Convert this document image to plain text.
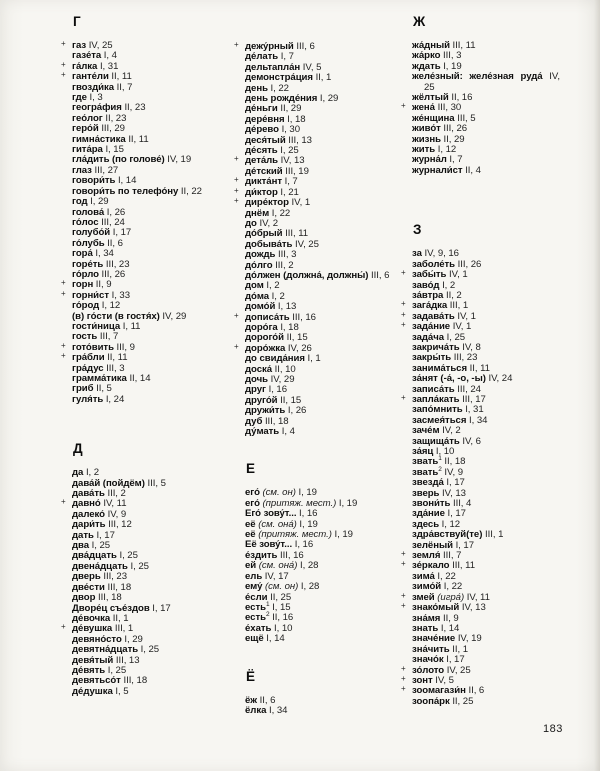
Г
+ газ IV, 25
газе́та I, 4
+ га́лка I, 31
+ ганте́ли II, 11
гвозди́ка II, 7
где I, 3
геогра́фия II, 23
гео́лог II, 23
геро́й III, 29
гимна́стика II, 11
гита́ра I, 15
гла́дить (по голове́) IV, 19
глаз III, 27
говори́ть I, 14
говори́ть по телефо́ну II, 22
год I, 29
голова́ I, 26
го́лос III, 24
голубо́й I, 17
го́лубь II, 6
гора́ I, 34
горе́ть III, 23
го́рло III, 26
+ горн II, 9
+ горни́ст I, 33
го́род I, 12
(в) го́сти (в гостя́х) IV, 29
гости́ница I, 11
гость III, 7
+ гото́вить III, 9
+ гра́бли II, 11
гра́дус III, 3
грамма́тика II, 14
гриб II, 5
гуля́ть I, 24
Д
да I, 2
дава́й (пойдём) III, 5
дава́ть III, 2
+ давно́ IV, 11
далеко́ IV, 9
дари́ть III, 12
дать I, 17
два I, 25
два́дцать I, 25
двена́дцать I, 25
дверь III, 23
две́сти III, 18
двор III, 18
Дворе́ц съе́здов I, 17
де́вочка II, 1
+ де́вушка III, 1
девяно́сто I, 29
девятна́дцать I, 25
девя́тый III, 13
де́вять I, 25
девятьсо́т III, 18
де́душка I, 5
+ дежу́рный III, 6
де́лать I, 7
дельтапла́н IV, 5
демонстра́ция II, 1
день I, 22
день рожде́ния I, 29
де́ньги II, 29
дере́вня I, 18
де́рево I, 30
деся́тый III, 13
де́сять I, 25
+ дета́ль IV, 13
де́тский III, 19
+ дикта́нт I, 7
+ ди́ктор I, 21
+ дире́ктор IV, 1
днём I, 22
до IV, 2
до́брый III, 11
добыва́ть IV, 25
дождь III, 3
до́лго III, 2
до́лжен (должна́, должны́) III, 6
дом I, 2
до́ма I, 2
домо́й I, 13
+ дописа́ть III, 16
доро́га I, 18
дорого́й II, 15
+ доро́жка IV, 26
до свида́ния I, 1
доска́ II, 10
дочь IV, 29
друг I, 16
друго́й II, 15
дружи́ть I, 26
дуб III, 18
ду́мать I, 4
Е
его́ (см. он) I, 19
его́ (притяж. мест.) I, 19
Его́ зову́т... I, 16
её (см. она́) I, 19
её (притяж. мест.) I, 19
Её зову́т... I, 16
е́здить III, 16
ей (см. она́) I, 28
ель IV, 17
ему́ (см. он) I, 28
е́сли II, 25
есть$^1$ I, 15
есть$^2$ II, 16
е́хать I, 10
ещё I, 14
Ё
ёж II, 6
ёлка I, 34
Ж
жа́дный III, 11
жа́рко III, 3
ждать I, 19
желе́зный: желе́зная руда́ IV, 25
жёлтый II, 16
+ жена́ III, 30
же́нщина III, 5
живо́т III, 26
жизнь II, 29
жить I, 12
журна́л I, 7
журнали́ст II, 4
З
за IV, 9, 16
заболе́ть III, 26
+ забы́ть IV, 1
заво́д I, 2
за́втра II, 2
+ зага́дка III, 1
+ задава́ть IV, 1
+ зада́ние IV, 1
зада́ча I, 25
закрича́ть IV, 8
закры́ть III, 23
занима́ться II, 11
за́нят (-а́, -о, -ы) IV, 24
записа́ть III, 24
+ запла́кать III, 17
запо́мнить I, 31
засмея́ться I, 34
заче́м IV, 2
защища́ть IV, 6
за́яц I, 10
звать$^1$ II, 18
звать$^2$ IV, 9
звезда́ I, 17
зверь IV, 13
звони́ть III, 4
зда́ние I, 17
здесь I, 12
здра́вствуй(те) III, 1
зелёный I, 17
+ земля́ III, 7
+ зе́ркало III, 11
зима́ I, 22
зимо́й I, 22
+ змей (игра́) IV, 11
+ знако́мый IV, 13
зна́мя II, 9
знать I, 14
значе́ние IV, 19
зна́чить II, 1
значо́к I, 17
+ зо́лото IV, 25
+ зонт IV, 5
+ зоомагази́н II, 6
зоопа́рк II, 25
183
